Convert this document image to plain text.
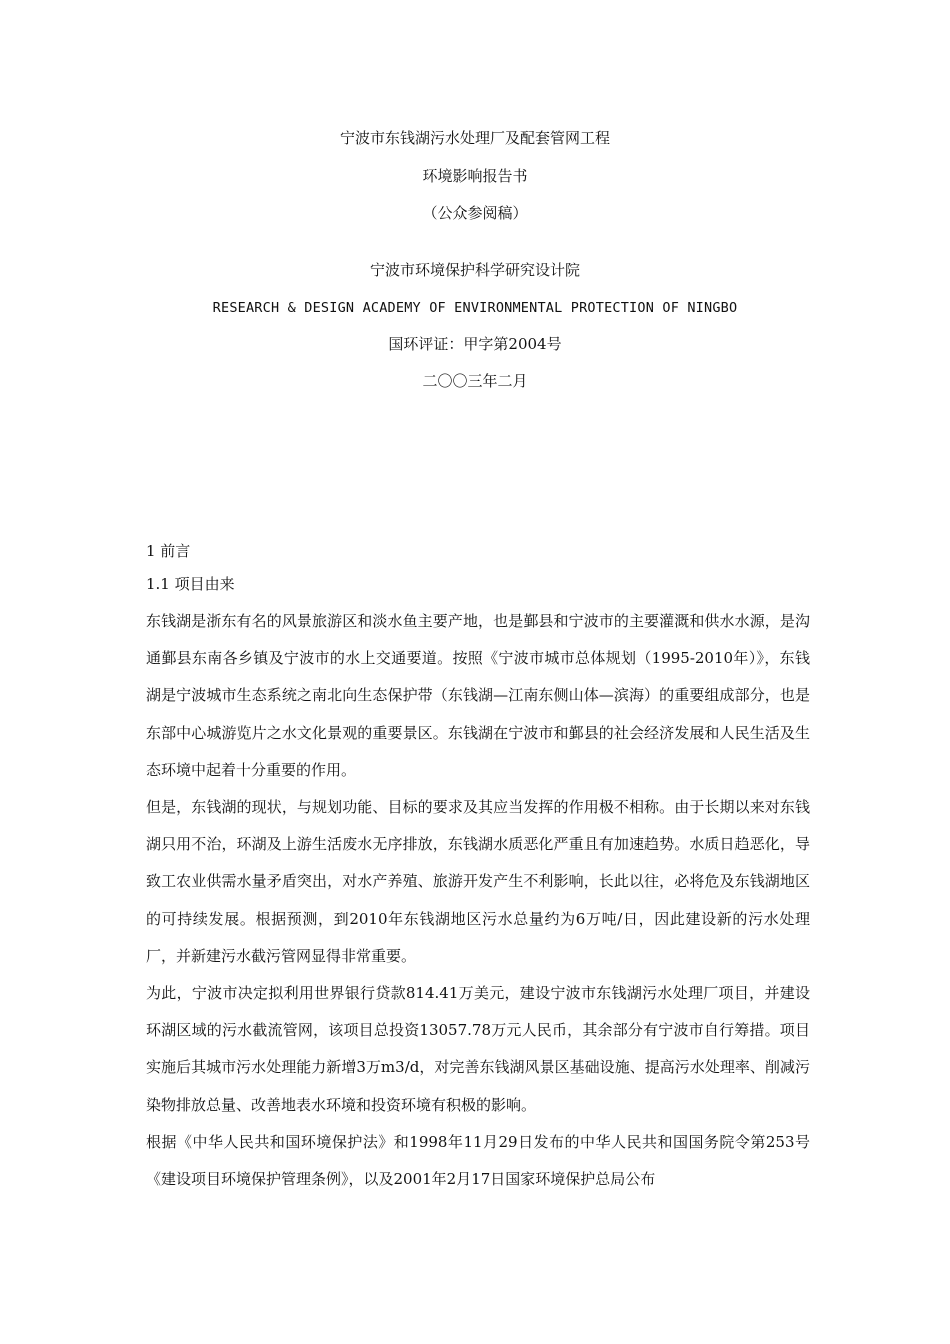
宁波市东钱湖污水处理厂及配套管网工程
环境影响报告书
（公众参阅稿）
宁波市环境保护科学研究设计院
RESEARCH & DESIGN ACADEMY OF ENVIRONMENTAL PROTECTION OF NINGBO
国环评证：甲字第2004号
二〇〇三年二月
1 前言
1.1 项目由来

东钱湖是浙东有名的风景旅游区和淡水鱼主要产地，也是鄞县和宁波市的主要灌溉和供水水源，是沟通鄞县东南各乡镇及宁波市的水上交通要道。按照《宁波市城市总体规划（1995-2010年）》，东钱湖是宁波城市生态系统之南北向生态保护带（东钱湖—江南东侧山体—滨海）的重要组成部分，也是东部中心城游览片之水文化景观的重要景区。东钱湖在宁波市和鄞县的社会经济发展和人民生活及生态环境中起着十分重要的作用。

但是，东钱湖的现状，与规划功能、目标的要求及其应当发挥的作用极不相称。由于长期以来对东钱湖只用不治，环湖及上游生活废水无序排放，东钱湖水质恶化严重且有加速趋势。水质日趋恶化，导致工农业供需水量矛盾突出，对水产养殖、旅游开发产生不利影响，长此以往，必将危及东钱湖地区的可持续发展。根据预测，到2010年东钱湖地区污水总量约为6万吨/日，因此建设新的污水处理厂，并新建污水截污管网显得非常重要。

为此，宁波市决定拟利用世界银行贷款814.41万美元，建设宁波市东钱湖污水处理厂项目，并建设环湖区域的污水截流管网，该项目总投资13057.78万元人民币，其余部分有宁波市自行筹措。项目实施后其城市污水处理能力新增3万m3/d，对完善东钱湖风景区基础设施、提高污水处理率、削减污染物排放总量、改善地表水环境和投资环境有积极的影响。

根据《中华人民共和国环境保护法》和1998年11月29日发布的中华人民共和国国务院令第253号 《建设项目环境保护管理条例》，以及2001年2月17日国家环境保护总局公布
